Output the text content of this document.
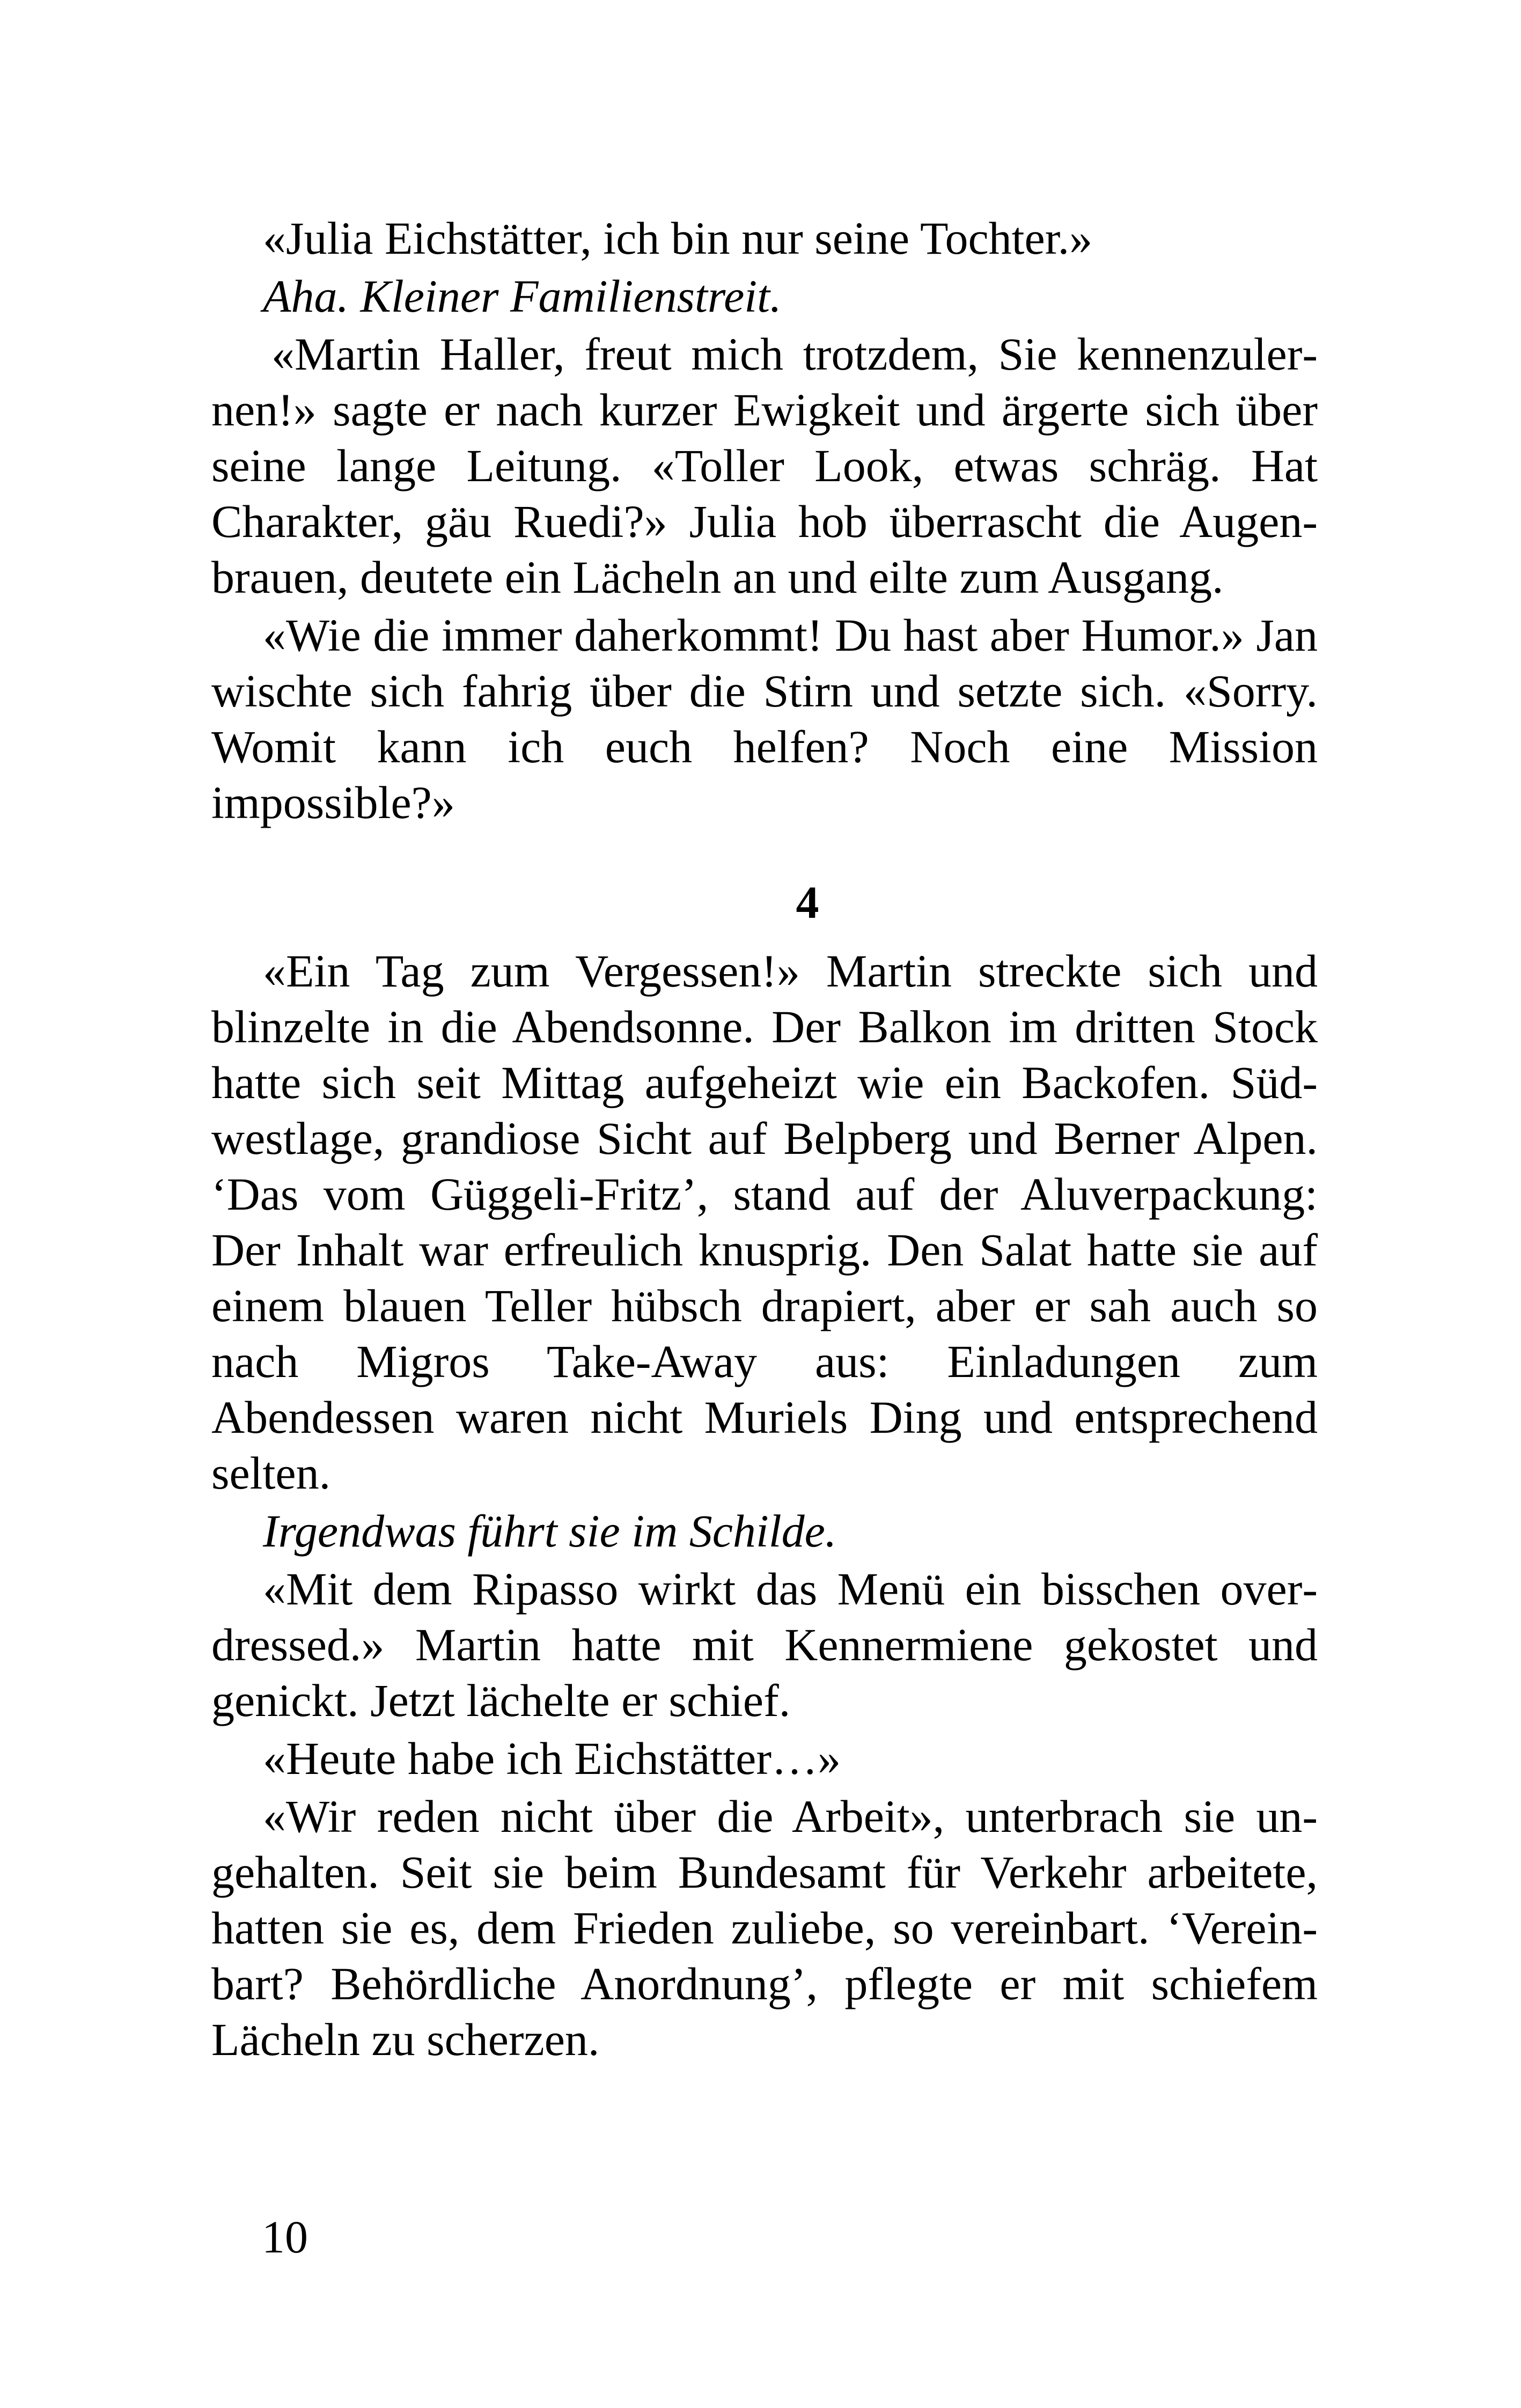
«Julia Eichstätter, ich bin nur seine Tochter.»

Aha. Kleiner Familienstreit.

«Martin Haller, freut mich trotzdem, Sie kennenzulernen!» sagte er nach kurzer Ewigkeit und ärgerte sich über seine lange Leitung. «Toller Look, etwas schräg. Hat Charakter, gäu Ruedi?» Julia hob überrascht die Augenbrauen, deutete ein Lächeln an und eilte zum Ausgang.

«Wie die immer daherkommt! Du hast aber Humor.» Jan wischte sich fahrig über die Stirn und setzte sich. «Sorry. Womit kann ich euch helfen? Noch eine Mission impossible?»

4

«Ein Tag zum Vergessen!» Martin streckte sich und blinzelte in die Abendsonne. Der Balkon im dritten Stock hatte sich seit Mittag aufgeheizt wie ein Backofen. Südwestlage, grandiose Sicht auf Belpberg und Berner Alpen. ‘Das vom Güggeli-Fritz’, stand auf der Aluverpackung: Der Inhalt war erfreulich knusprig. Den Salat hatte sie auf einem blauen Teller hübsch drapiert, aber er sah auch so nach Migros Take-Away aus: Einladungen zum Abendessen waren nicht Muriels Ding und entsprechend selten.

Irgendwas führt sie im Schilde.

«Mit dem Ripasso wirkt das Menü ein bisschen overdressed.» Martin hatte mit Kennermiene gekostet und genickt. Jetzt lächelte er schief.

«Heute habe ich Eichstätter…»

«Wir reden nicht über die Arbeit», unterbrach sie ungehalten. Seit sie beim Bundesamt für Verkehr arbeitete, hatten sie es, dem Frieden zuliebe, so vereinbart. ‘Vereinbart? Behördliche Anordnung’, pflegte er mit schiefem Lächeln zu scherzen.

10
